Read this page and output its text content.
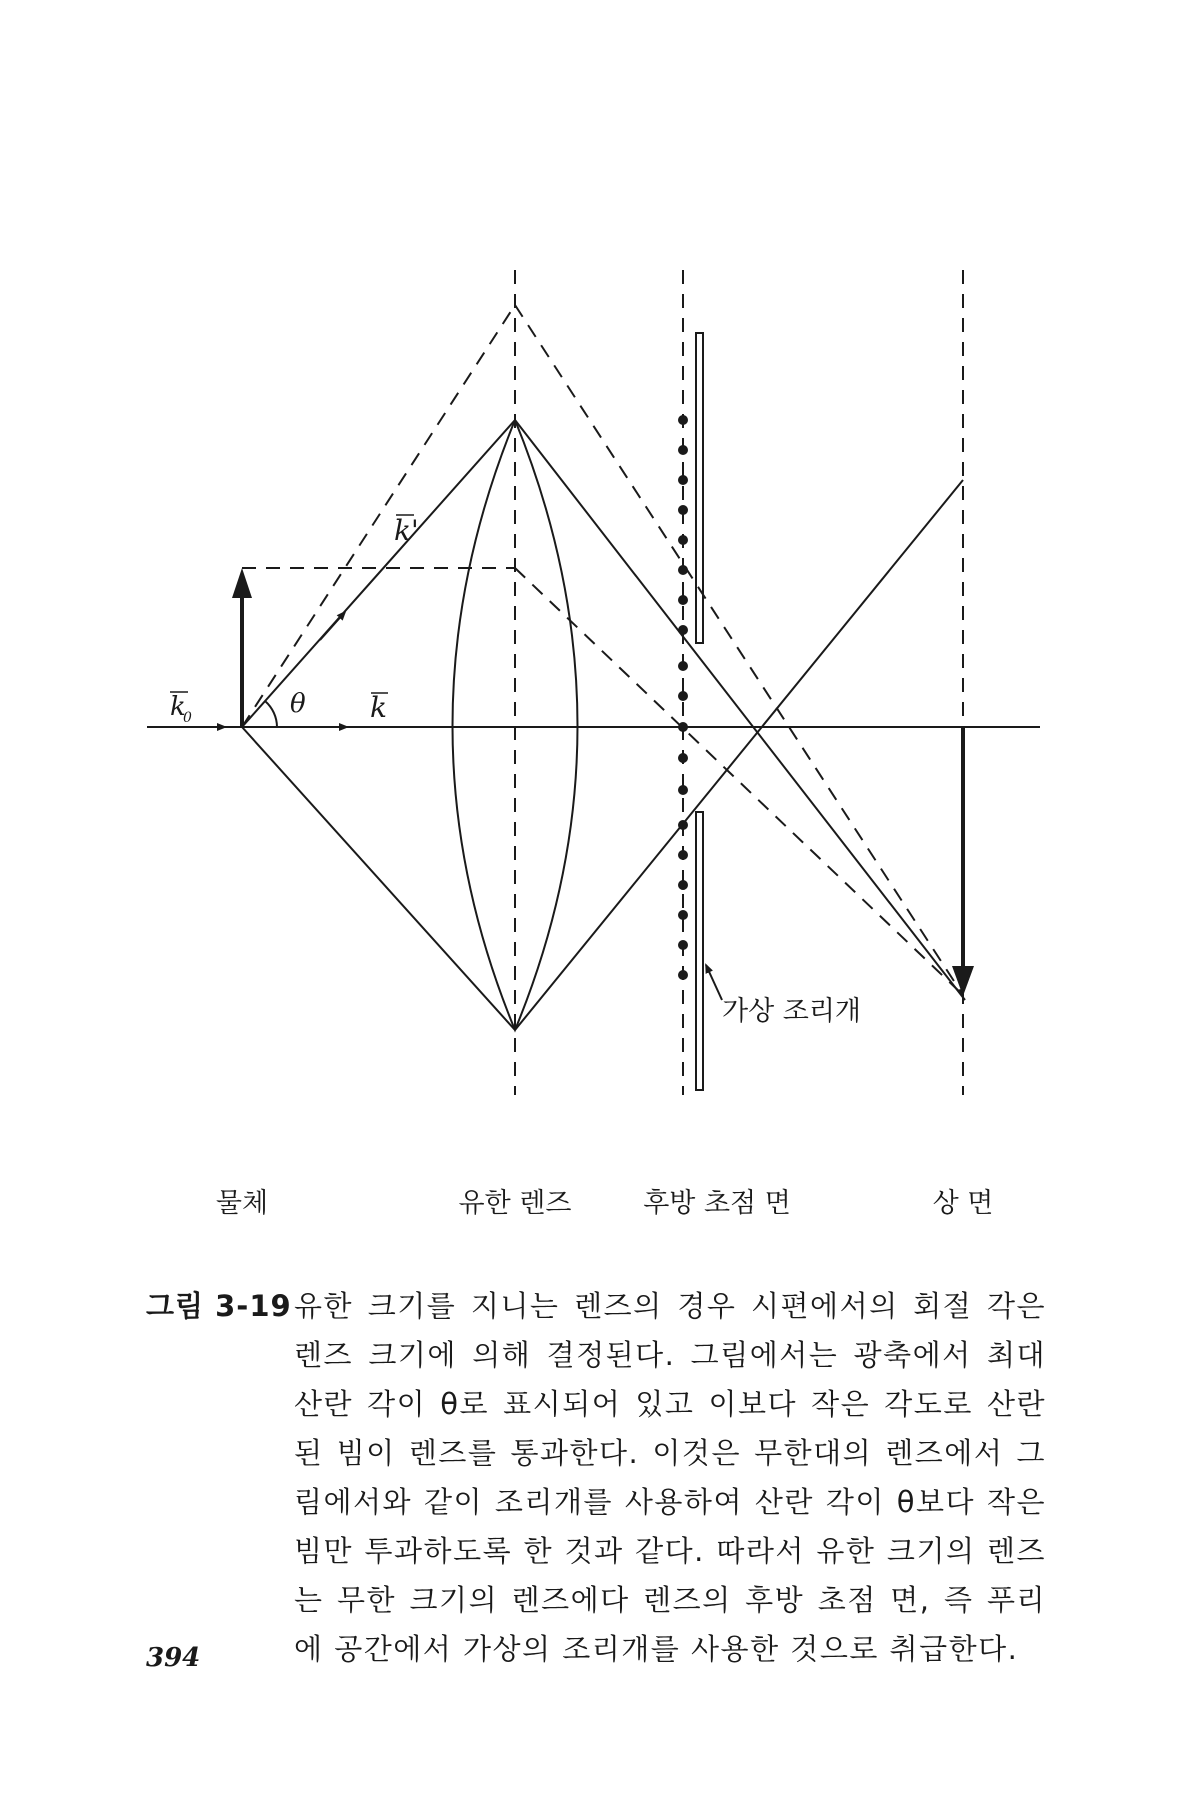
k
0	θ k
k'
가상 조리개
물체	유한 렌즈	후방 초점 면	상 면
그림 3-19 유한 크기를 지니는 렌즈의 경우 시편에서의 회절 각은 렌즈 크기에 의해 결정된다. 그림에서는 광축에서 최대 산란 각이 θ로 표시되어 있고 이보다 작은 각도로 산란된 빔이 렌즈를 통과한다. 이것은 무한대의 렌즈에서 그림에서와 같이 조리개를 사용하여 산란 각이 θ보다 작은 빔만 투과하도록 한 것과 같다. 따라서 유한 크기의 렌즈는 무한 크기의 렌즈에다 렌즈의 후방 초점 면, 즉 푸리에 공간에서 가상의 조리개를 사용한 것으로 취급한다.
394
